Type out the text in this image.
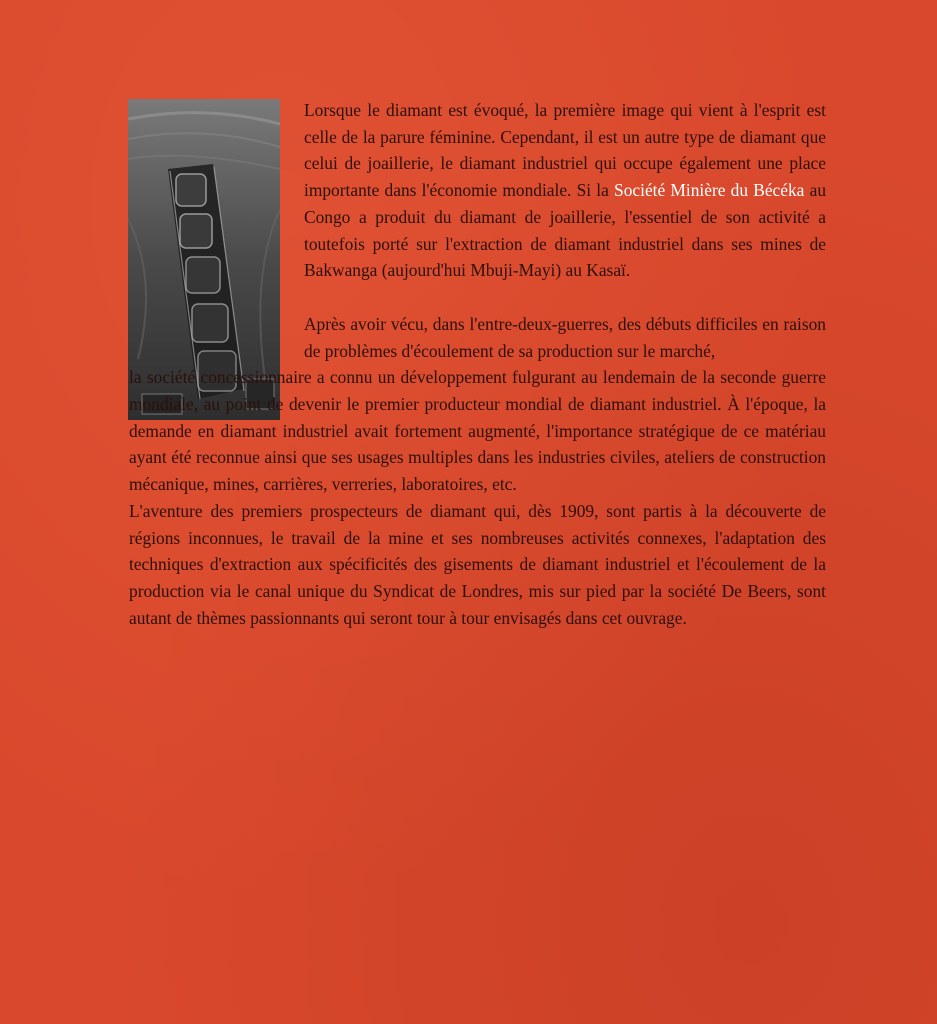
Lorsque le diamant est évoqué, la première image qui vient à l'esprit est celle de la parure féminine. Cependant, il est un autre type de diamant que celui de joaillerie, le diamant industriel qui occupe également une place importante dans l'économie mondiale. Si la Société Minière du Bécéka au Congo a produit du diamant de joaillerie, l'essentiel de son activité a toutefois porté sur l'extraction de diamant industriel dans ses mines de Bakwanga (aujourd'hui Mbuji-Mayi) au Kasaï.

Après avoir vécu, dans l'entre-deux-guerres, des débuts difficiles en raison de problèmes d'écoulement de sa production sur le marché,

la société concessionnaire a connu un développement fulgurant au lendemain de la seconde guerre mondiale, au point de devenir le premier producteur mondial de diamant industriel. À l'époque, la demande en diamant industriel avait fortement augmenté, l'importance stratégique de ce matériau ayant été reconnue ainsi que ses usages multiples dans les industries civiles, ateliers de construction mécanique, mines, carrières, verreries, laboratoires, etc.

L'aventure des premiers prospecteurs de diamant qui, dès 1909, sont partis à la découverte de régions inconnues, le travail de la mine et ses nombreuses activités connexes, l'adaptation des techniques d'extraction aux spécificités des gisements de diamant industriel et l'écoulement de la production via le canal unique du Syndicat de Londres, mis sur pied par la société De Beers, sont autant de thèmes passionnants qui seront tour à tour envisagés dans cet ouvrage.
